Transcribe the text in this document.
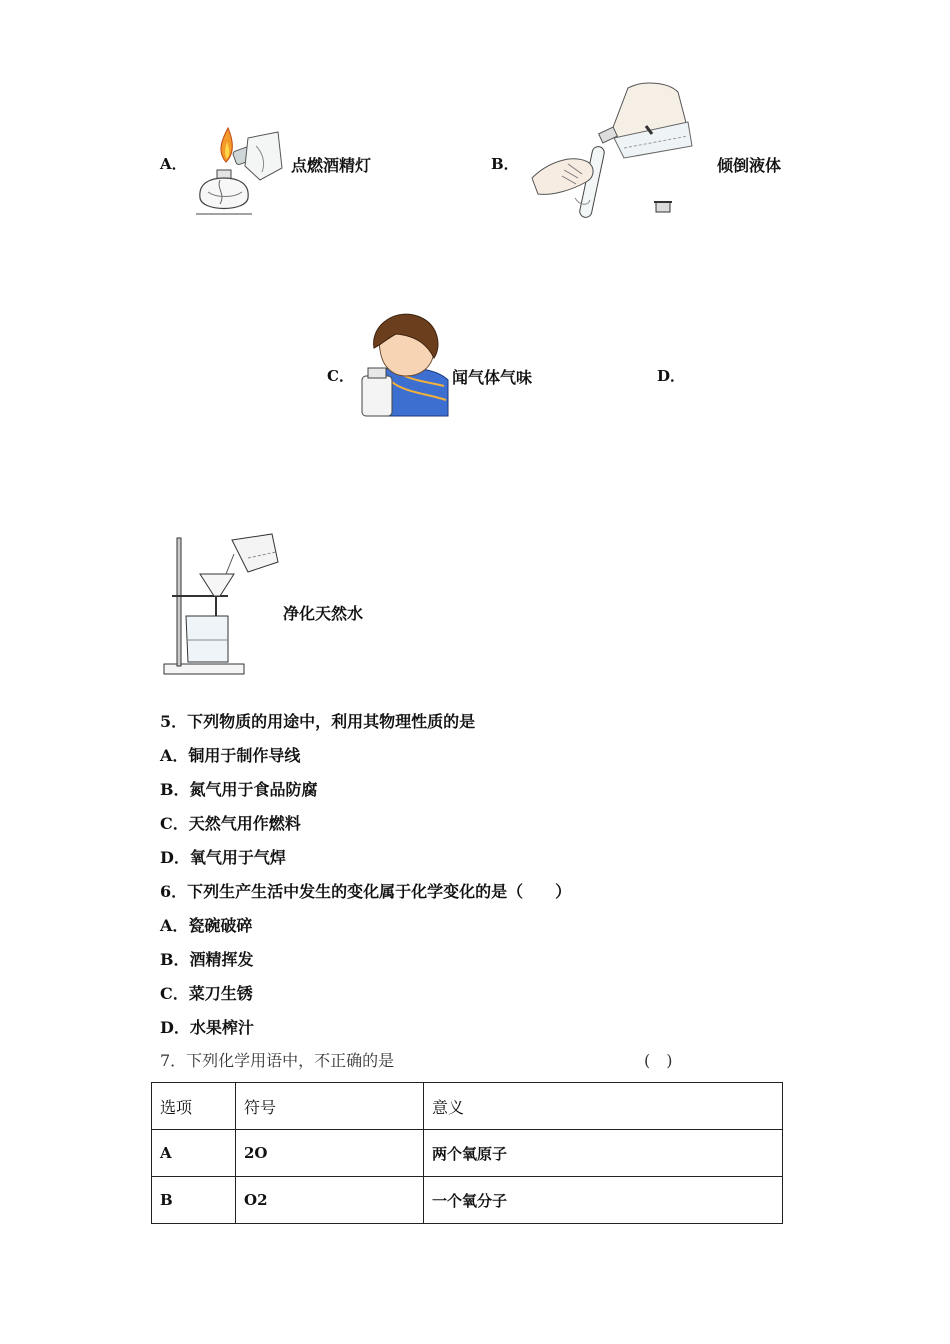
A．	点燃酒精灯	B．	倾倒液体
C．	闻气体气味	D．
净化天然水
5．下列物质的用途中，利用其物理性质的是
A．铜用于制作导线
B．氮气用于食品防腐
C．天然气用作燃料
D．氧气用于气焊
6．下列生产生活中发生的变化属于化学变化的是（　　）
A．瓷碗破碎
B．酒精挥发
C．菜刀生锈
D．水果榨汁
7．下列化学用语中，不正确的是	(　)
选项	符号	意义
A	2O	两个氧原子
B	O2	一个氧分子
